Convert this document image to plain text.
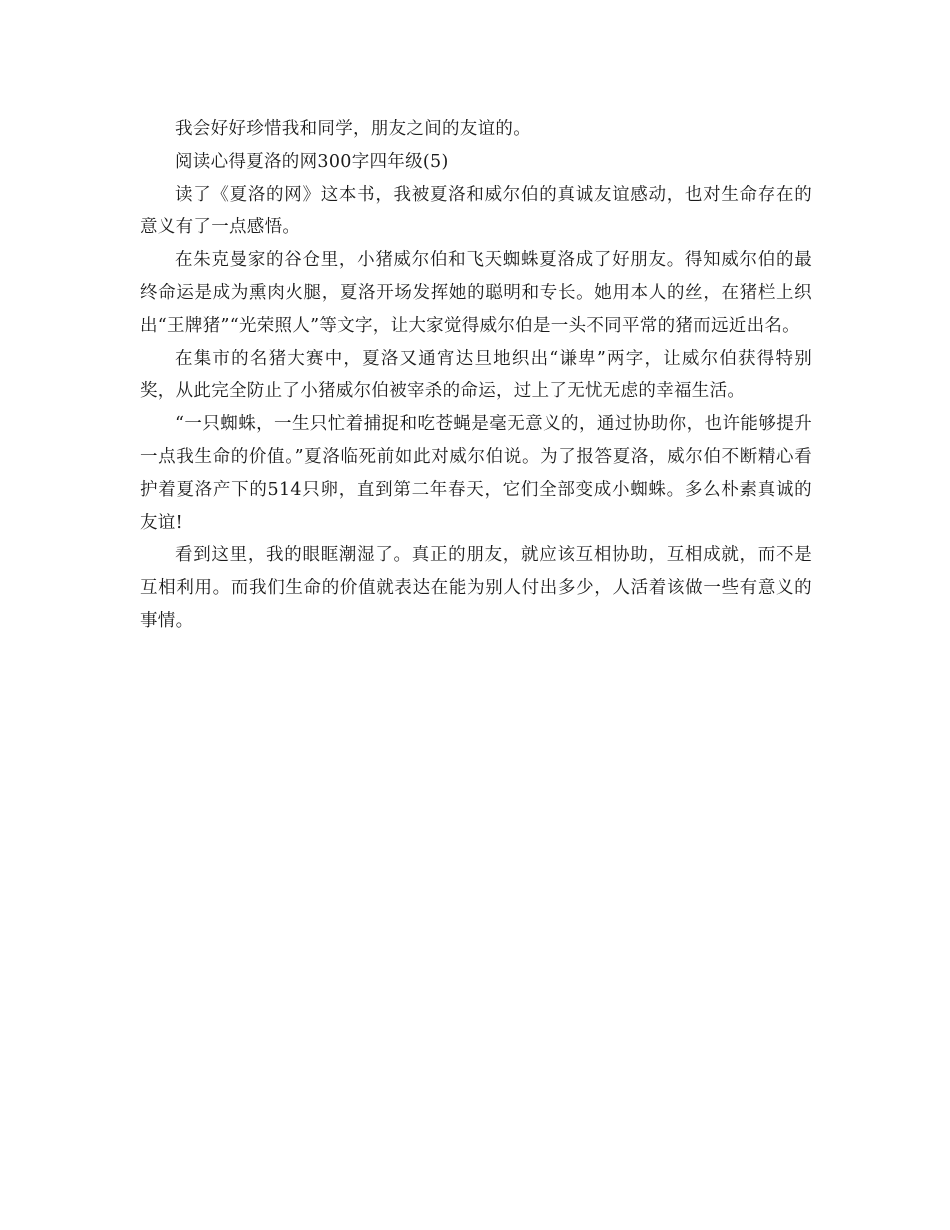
我会好好珍惜我和同学，朋友之间的友谊的。

阅读心得夏洛的网300字四年级(5)

读了《夏洛的网》这本书，我被夏洛和威尔伯的真诚友谊感动，也对生命存在的意义有了一点感悟。

在朱克曼家的谷仓里，小猪威尔伯和飞天蜘蛛夏洛成了好朋友。得知威尔伯的最终命运是成为熏肉火腿，夏洛开场发挥她的聪明和专长。她用本人的丝，在猪栏上织出“王牌猪”“光荣照人”等文字，让大家觉得威尔伯是一头不同平常的猪而远近出名。

在集市的名猪大赛中，夏洛又通宵达旦地织出“谦卑”两字，让威尔伯获得特别奖，从此完全防止了小猪威尔伯被宰杀的命运，过上了无忧无虑的幸福生活。

“一只蜘蛛，一生只忙着捕捉和吃苍蝇是毫无意义的，通过协助你，也许能够提升一点我生命的价值。”夏洛临死前如此对威尔伯说。为了报答夏洛，威尔伯不断精心看护着夏洛产下的514只卵，直到第二年春天，它们全部变成小蜘蛛。多么朴素真诚的友谊!

看到这里，我的眼眶潮湿了。真正的朋友，就应该互相协助，互相成就，而不是互相利用。而我们生命的价值就表达在能为别人付出多少，人活着该做一些有意义的事情。
